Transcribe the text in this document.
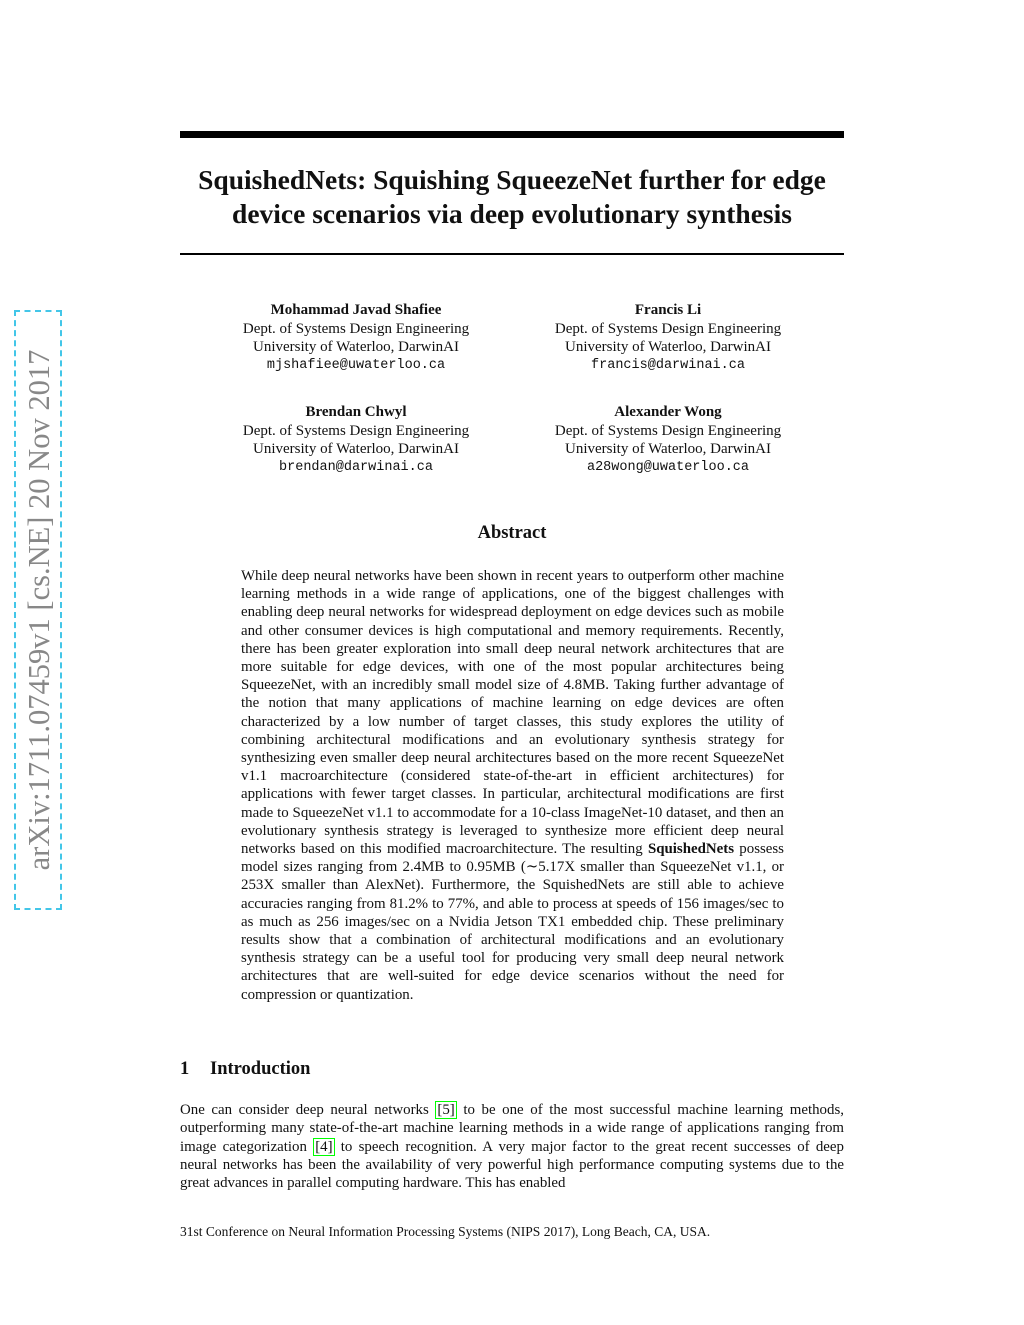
arXiv:1711.07459v1 [cs.NE] 20 Nov 2017
SquishedNets: Squishing SqueezeNet further for edge device scenarios via deep evolutionary synthesis
Mohammad Javad Shafiee
Dept. of Systems Design Engineering
University of Waterloo, DarwinAI
mjshafiee@uwaterloo.ca
Francis Li
Dept. of Systems Design Engineering
University of Waterloo, DarwinAI
francis@darwinai.ca
Brendan Chwyl
Dept. of Systems Design Engineering
University of Waterloo, DarwinAI
brendan@darwinai.ca
Alexander Wong
Dept. of Systems Design Engineering
University of Waterloo, DarwinAI
a28wong@uwaterloo.ca
Abstract

While deep neural networks have been shown in recent years to outperform other machine learning methods in a wide range of applications, one of the biggest challenges with enabling deep neural networks for widespread deployment on edge devices such as mobile and other consumer devices is high computational and memory requirements. Recently, there has been greater exploration into small deep neural network architectures that are more suitable for edge devices, with one of the most popular architectures being SqueezeNet, with an incredibly small model size of 4.8MB. Taking further advantage of the notion that many applications of machine learning on edge devices are often characterized by a low number of target classes, this study explores the utility of combining architectural modifications and an evolutionary synthesis strategy for synthesizing even smaller deep neural architectures based on the more recent SqueezeNet v1.1 macroarchitecture (considered state-of-the-art in efficient architectures) for applications with fewer target classes. In particular, architectural modifications are first made to SqueezeNet v1.1 to accommodate for a 10-class ImageNet-10 dataset, and then an evolutionary synthesis strategy is leveraged to synthesize more efficient deep neural networks based on this modified macroarchitecture. The resulting SquishedNets possess model sizes ranging from 2.4MB to 0.95MB (∼5.17X smaller than SqueezeNet v1.1, or 253X smaller than AlexNet). Furthermore, the SquishedNets are still able to achieve accuracies ranging from 81.2% to 77%, and able to process at speeds of 156 images/sec to as much as 256 images/sec on a Nvidia Jetson TX1 embedded chip. These preliminary results show that a combination of architectural modifications and an evolutionary synthesis strategy can be a useful tool for producing very small deep neural network architectures that are well-suited for edge device scenarios without the need for compression or quantization.

1 Introduction

One can consider deep neural networks [5] to be one of the most successful machine learning methods, outperforming many state-of-the-art machine learning methods in a wide range of applications ranging from image categorization [4] to speech recognition. A very major factor to the great recent successes of deep neural networks has been the availability of very powerful high performance computing systems due to the great advances in parallel computing hardware. This has enabled

31st Conference on Neural Information Processing Systems (NIPS 2017), Long Beach, CA, USA.
